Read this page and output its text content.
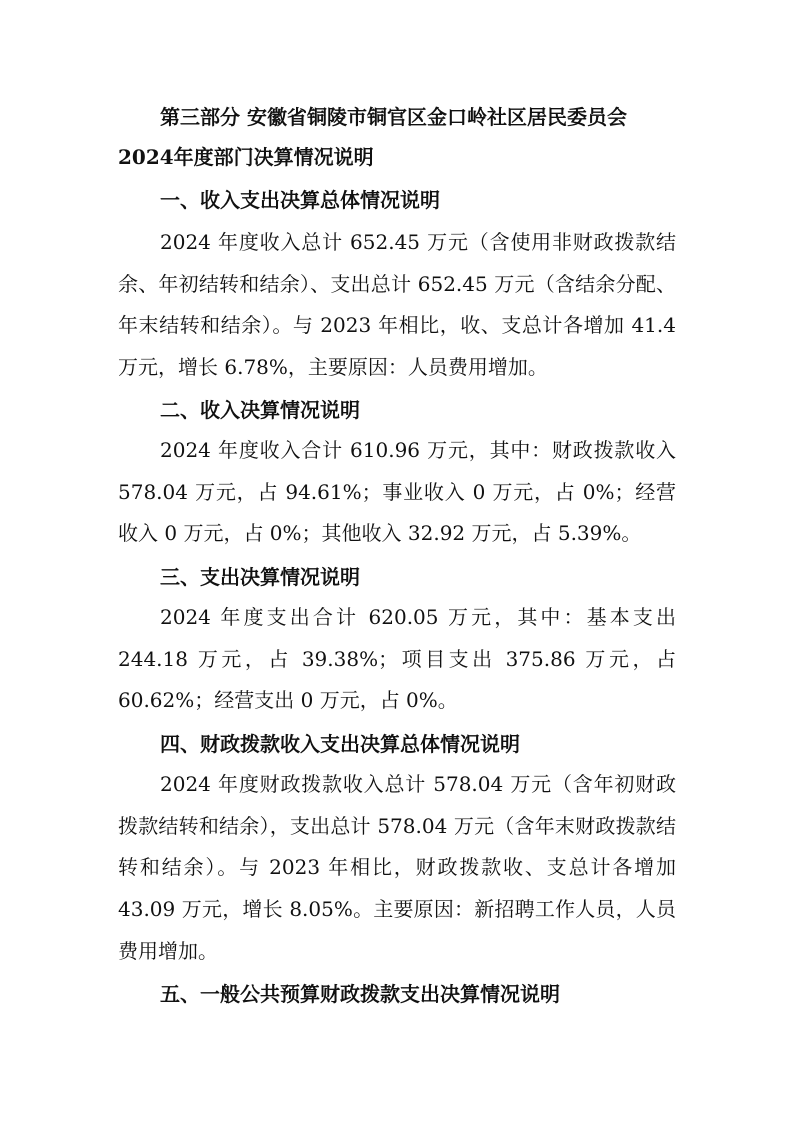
第三部分 安徽省铜陵市铜官区金口岭社区居民委员会
2024年度部门决算情况说明
一、收入支出决算总体情况说明

2024 年度收入总计 652.45 万元（含使用非财政拨款结余、年初结转和结余）、支出总计 652.45 万元（含结余分配、年末结转和结余）。与 2023 年相比，收、支总计各增加 41.4 万元，增长 6.78%，主要原因：人员费用增加。

二、收入决算情况说明

2024 年度收入合计 610.96 万元，其中：财政拨款收入 578.04 万元，占 94.61%；事业收入 0 万元，占 0%；经营收入 0 万元，占 0%；其他收入 32.92 万元，占 5.39%。

三、支出决算情况说明

2024 年度支出合计 620.05 万元，其中：基本支出 244.18 万元，占 39.38%；项目支出 375.86 万元，占 60.62%；经营支出 0 万元，占 0%。

四、财政拨款收入支出决算总体情况说明

2024 年度财政拨款收入总计 578.04 万元（含年初财政拨款结转和结余），支出总计 578.04 万元（含年末财政拨款结转和结余）。与 2023 年相比，财政拨款收、支总计各增加 43.09 万元，增长 8.05%。主要原因：新招聘工作人员，人员费用增加。

五、一般公共预算财政拨款支出决算情况说明
